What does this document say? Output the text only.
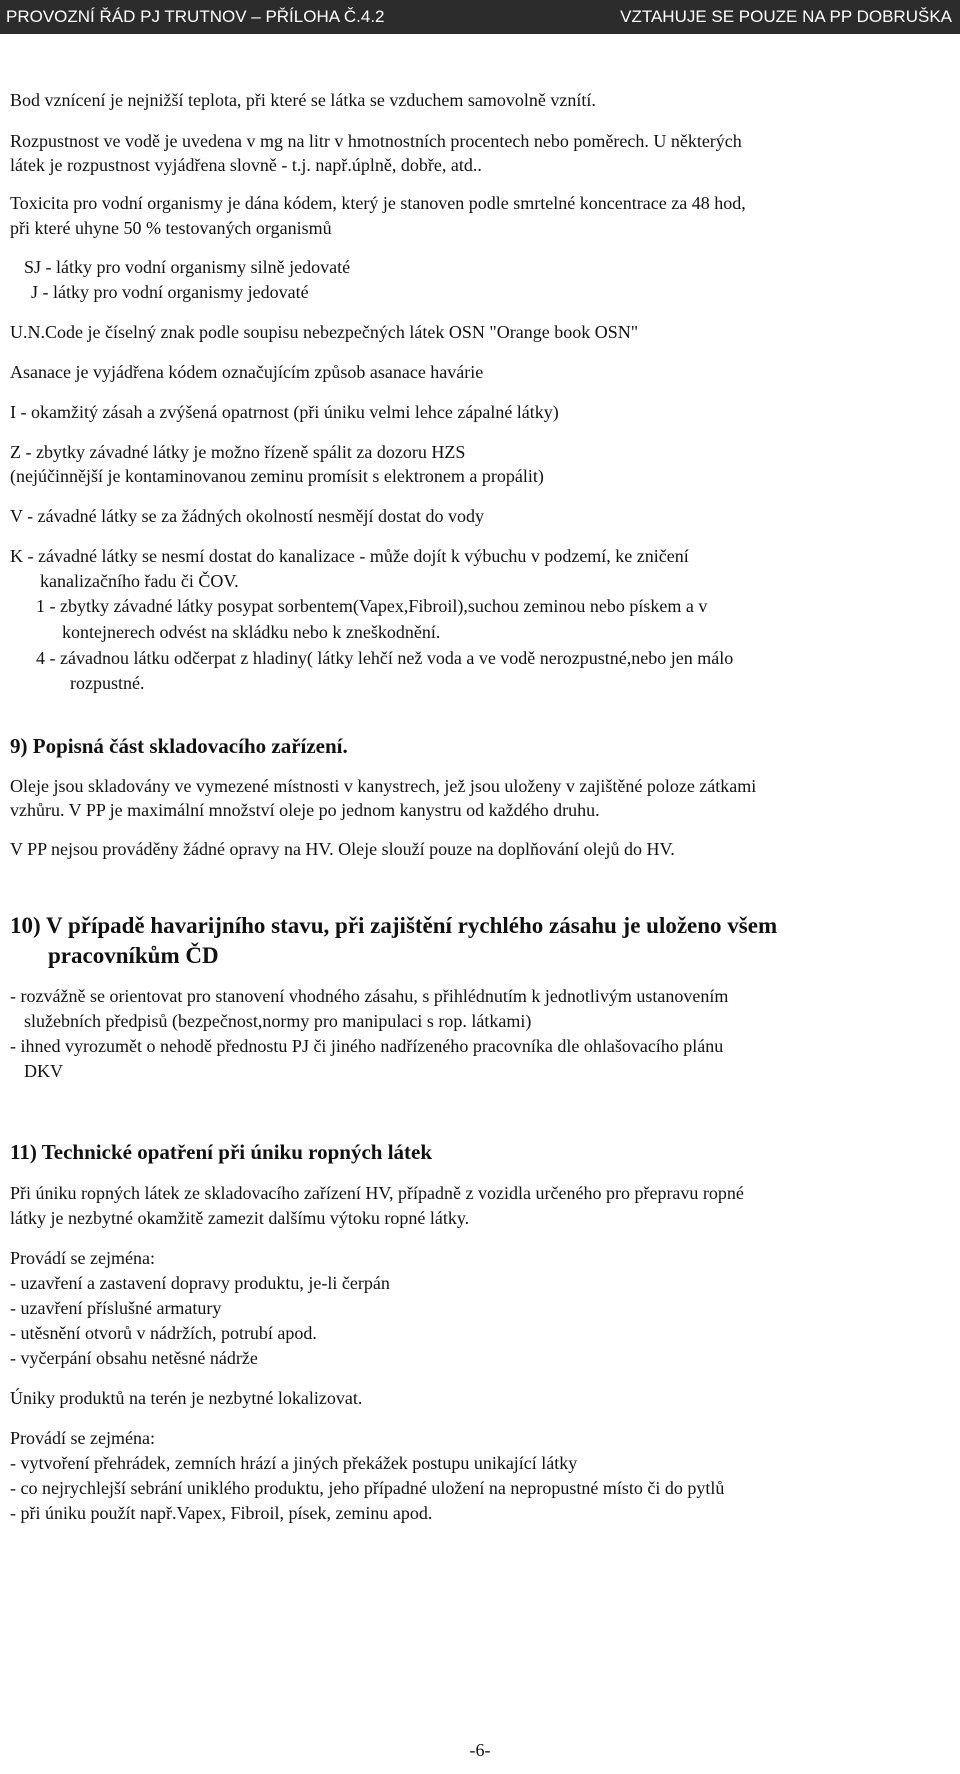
PROVOZNÍ ŘÁD PJ TRUTNOV – PŘÍLOHA Č.4.2	VZTAHUJE SE POUZE NA PP DOBRUŠKA
Bod vznícení je nejnižší teplota, při které se látka se vzduchem samovolně vznítí.
Rozpustnost ve vodě je uvedena v mg na litr v hmotnostních procentech nebo poměrech. U některých
látek je rozpustnost vyjádřena slovně - t.j. např.úplně, dobře, atd..
Toxicita pro vodní organismy je dána kódem, který je stanoven podle smrtelné koncentrace za 48 hod,
při které uhyne 50 % testovaných organismů
SJ - látky pro vodní organismy silně jedovaté
J - látky pro vodní organismy jedovaté
U.N.Code je číselný znak podle soupisu nebezpečných látek OSN "Orange book OSN"
Asanace je vyjádřena kódem označujícím způsob asanace havárie
I - okamžitý zásah a zvýšená opatrnost (při úniku velmi lehce zápalné látky)
Z - zbytky závadné látky je možno řízeně spálit za dozoru HZS
(nejúčinnější je kontaminovanou zeminu promísit s elektronem a propálit)
V - závadné látky se za žádných okolností nesmějí dostat do vody
K - závadné látky se nesmí dostat do kanalizace - může dojít k výbuchu v podzemí, ke zničení
kanalizačního řadu či ČOV.
1 - zbytky závadné látky posypat sorbentem(Vapex,Fibroil),suchou zeminou nebo pískem a v
kontejnerech odvést na skládku nebo k zneškodnění.
4 - závadnou látku odčerpat z hladiny( látky lehčí než voda a ve vodě nerozpustné,nebo jen málo
rozpustné.
9) Popisná část skladovacího zařízení.
Oleje jsou skladovány ve vymezené místnosti v kanystrech, jež jsou uloženy v zajištěné poloze zátkami
vzhůru. V PP je maximální množství oleje po jednom kanystru od každého druhu.
V PP nejsou prováděny žádné opravy na HV. Oleje slouží pouze na doplňování olejů do HV.
10) V případě havarijního stavu, při zajištění rychlého zásahu je uloženo všem
pracovníkům ČD
- rozvážně se orientovat pro stanovení vhodného zásahu, s přihlédnutím k jednotlivým ustanovením
služebních předpisů (bezpečnost,normy pro manipulaci s rop. látkami)
- ihned vyrozumět o nehodě přednostu PJ či jiného nadřízeného pracovníka dle ohlašovacího plánu
DKV
11) Technické opatření při úniku ropných látek
Při úniku ropných látek ze skladovacího zařízení HV, případně z vozidla určeného pro přepravu ropné
látky je nezbytné okamžitě zamezit dalšímu výtoku ropné látky.
Provádí se zejména:
- uzavření a zastavení dopravy produktu, je-li čerpán
- uzavření příslušné armatury
- utěsnění otvorů v nádržích, potrubí apod.
- vyčerpání obsahu netěsné nádrže
Úniky produktů na terén je nezbytné lokalizovat.
Provádí se zejména:
- vytvoření přehrádek, zemních hrází a jiných překážek postupu unikající látky
- co nejrychlejší sebrání uniklého produktu, jeho případné uložení na nepropustné místo či do pytlů
- při úniku použít např.Vapex, Fibroil, písek, zeminu apod.
-6-
